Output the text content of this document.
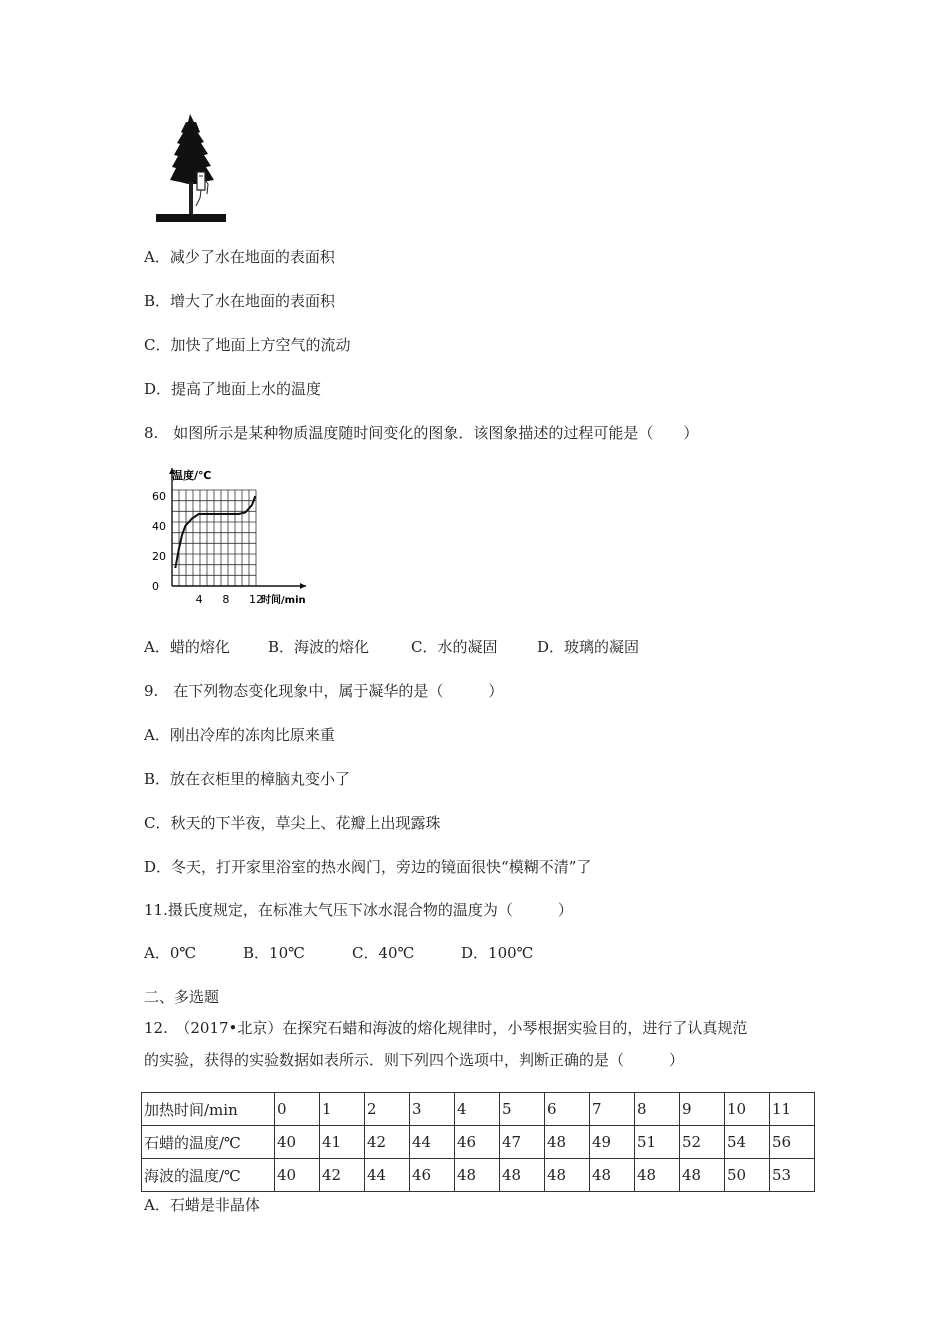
A．减少了水在地面的表面积
B．增大了水在地面的表面积
C．加快了地面上方空气的流动
D．提高了地面上水的温度
8.　如图所示是某种物质温度随时间变化的图象．该图象描述的过程可能是（　　）
60
40
20
0
4 8 12
温度/℃
时间/min
A．蜡的熔化	B．海波的熔化	C．水的凝固	D．玻璃的凝固
9.　在下列物态变化现象中，属于凝华的是（　　　）
A．刚出冷库的冻肉比原来重
B．放在衣柜里的樟脑丸变小了
C．秋天的下半夜，草尖上、花瓣上出现露珠
D．冬天，打开家里浴室的热水阀门，旁边的镜面很快“模糊不清”了
11.摄氏度规定，在标准大气压下冰水混合物的温度为（　　　）
A．0℃	B．10℃	C．40℃	D．100℃
二、多选题
12.　（2017•北京）在探究石蜡和海波的熔化规律时，小琴根据实验目的，进行了认真规范
的实验，获得的实验数据如表所示．则下列四个选项中，判断正确的是（　　　）
加热时间/min	0	1	2	3	4	5	6	7	8	9	10	11
石蜡的温度/℃	40	41	42	44	46	47	48	49	51	52	54	56
海波的温度/℃	40	42	44	46	48	48	48	48	48	48	50	53
A．石蜡是非晶体
